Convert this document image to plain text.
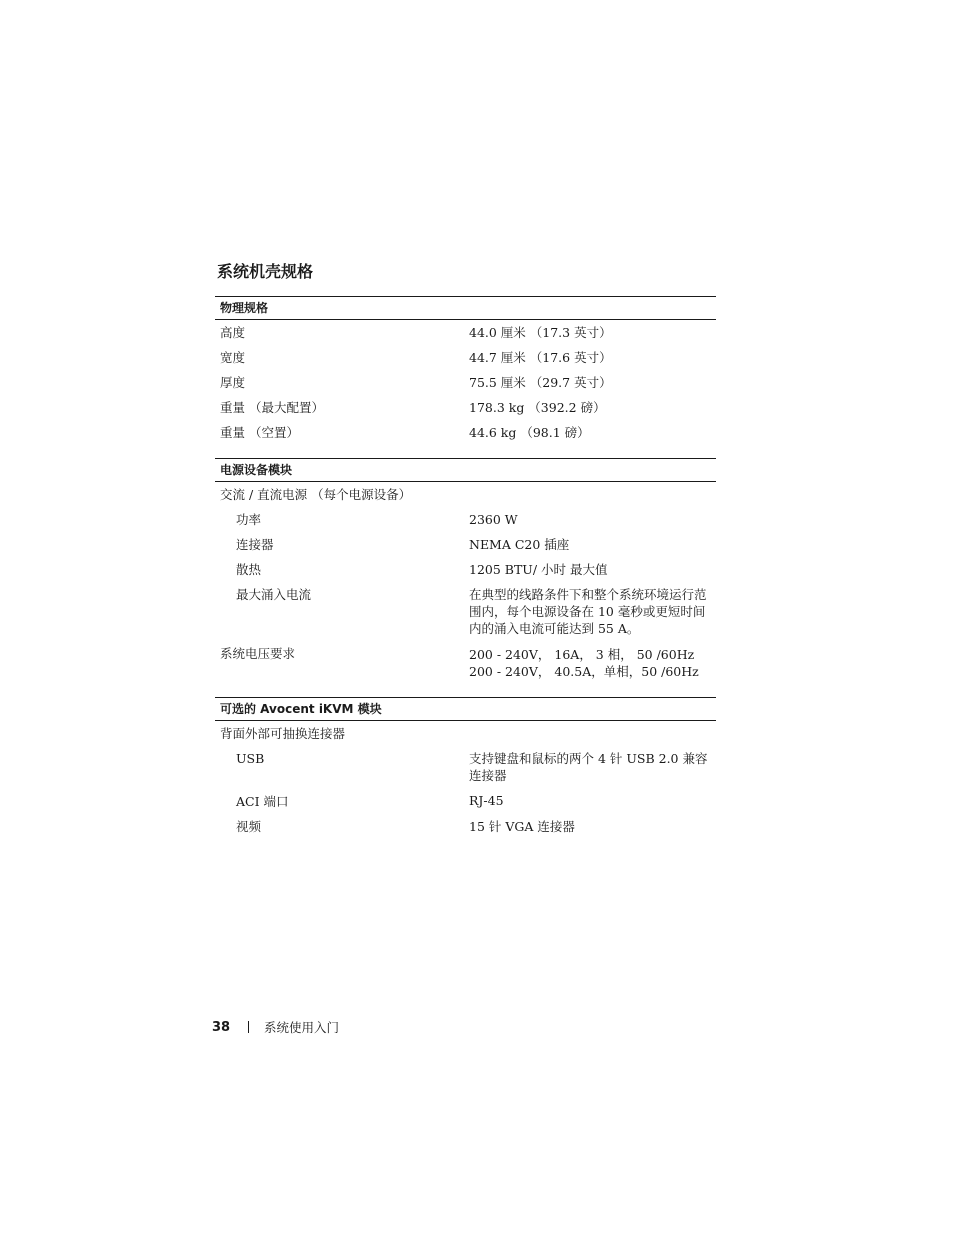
系统机壳规格
物理规格
高度	44.0 厘米 （17.3 英寸）
宽度	44.7 厘米 （17.6 英寸）
厚度	75.5 厘米 （29.7 英寸）
重量 （最大配置）	178.3 kg （392.2 磅）
重量 （空置）	44.6 kg （98.1 磅）
电源设备模块
交流 / 直流电源 （每个电源设备）
功率	2360 W
连接器	NEMA C20 插座
散热	1205 BTU/ 小时 最大值
最大涌入电流	在典型的线路条件下和整个系统环境运行范围内，每个电源设备在 10 毫秒或更短时间内的涌入电流可能达到 55 A。
系统电压要求	200 - 240V， 16A， 3 相， 50 /60Hz
200 - 240V， 40.5A，单相，50 /60Hz
可选的 Avocent iKVM 模块
背面外部可抽换连接器
USB	支持键盘和鼠标的两个 4 针 USB 2.0 兼容连接器
ACI 端口	RJ-45
视频	15 针 VGA 连接器
38	系统使用入门
